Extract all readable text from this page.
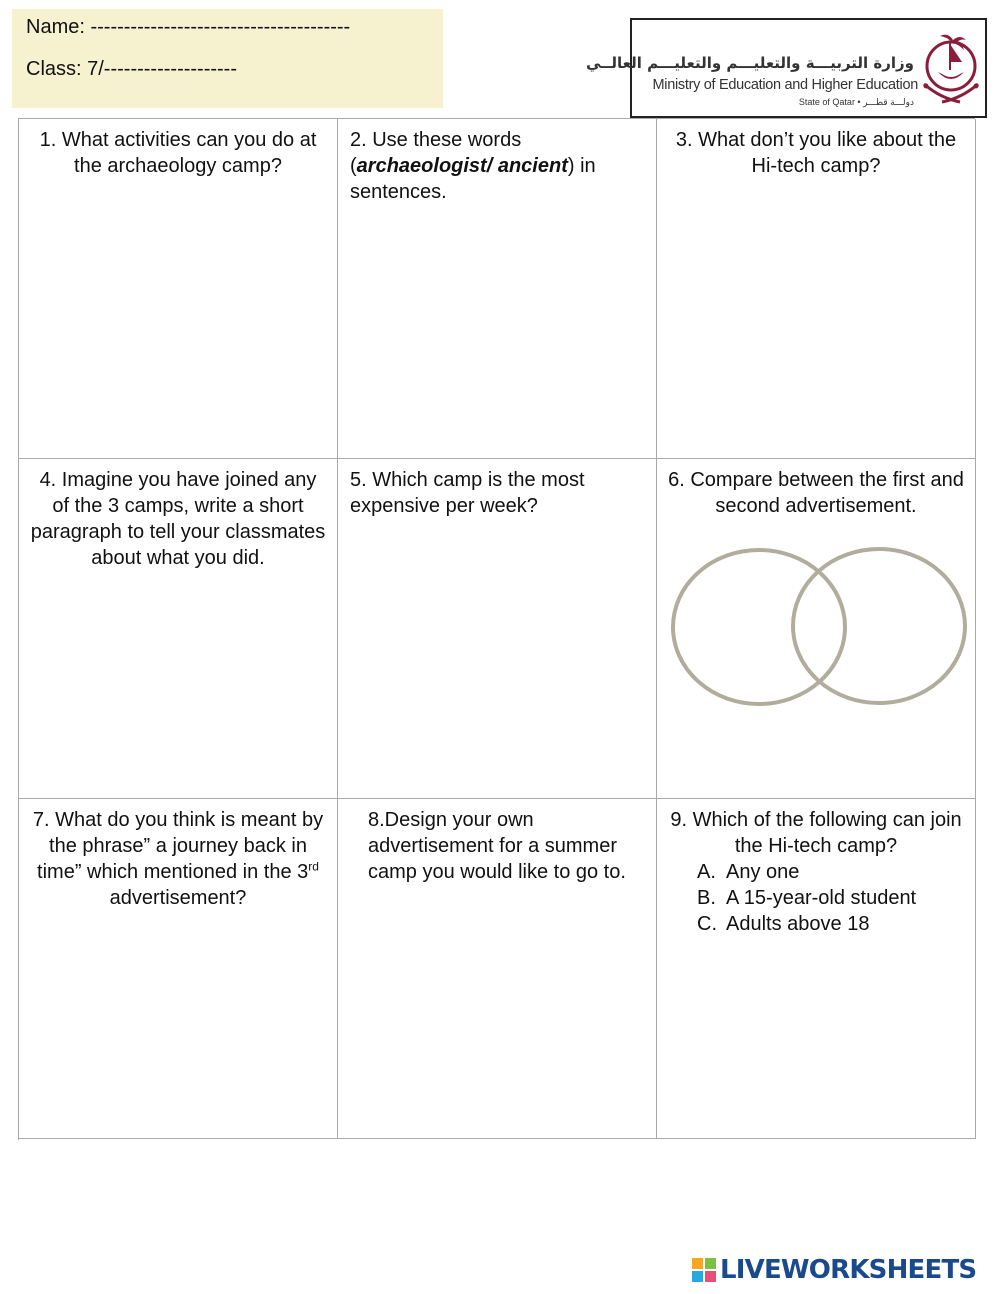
Name: ---------------------------------------
Class: 7/--------------------	وزارة التربيـــة والتعليـــم والتعليـــم العالــي
Ministry of Education and Higher Education
State of Qatar • دولـــة قطـــر
1. What activities can you do at the archaeology camp?
2. Use these words (archaeologist/ ancient) in sentences.
3. What don’t you like about the Hi-tech camp?
4. Imagine you have joined any of the 3 camps, write a short paragraph to tell your classmates about what you did.
5. Which camp is the most expensive per week?
6. Compare between the first and second advertisement.
7. What do you think is meant by the phrase” a journey back in time” which mentioned in the 3rd advertisement?
8.Design your own advertisement for a summer camp you would like to go to.
9. Which of the following can join the Hi-tech camp?
A. Any one
B. A 15-year-old student
C. Adults above 18
LIVEWORKSHEETS
